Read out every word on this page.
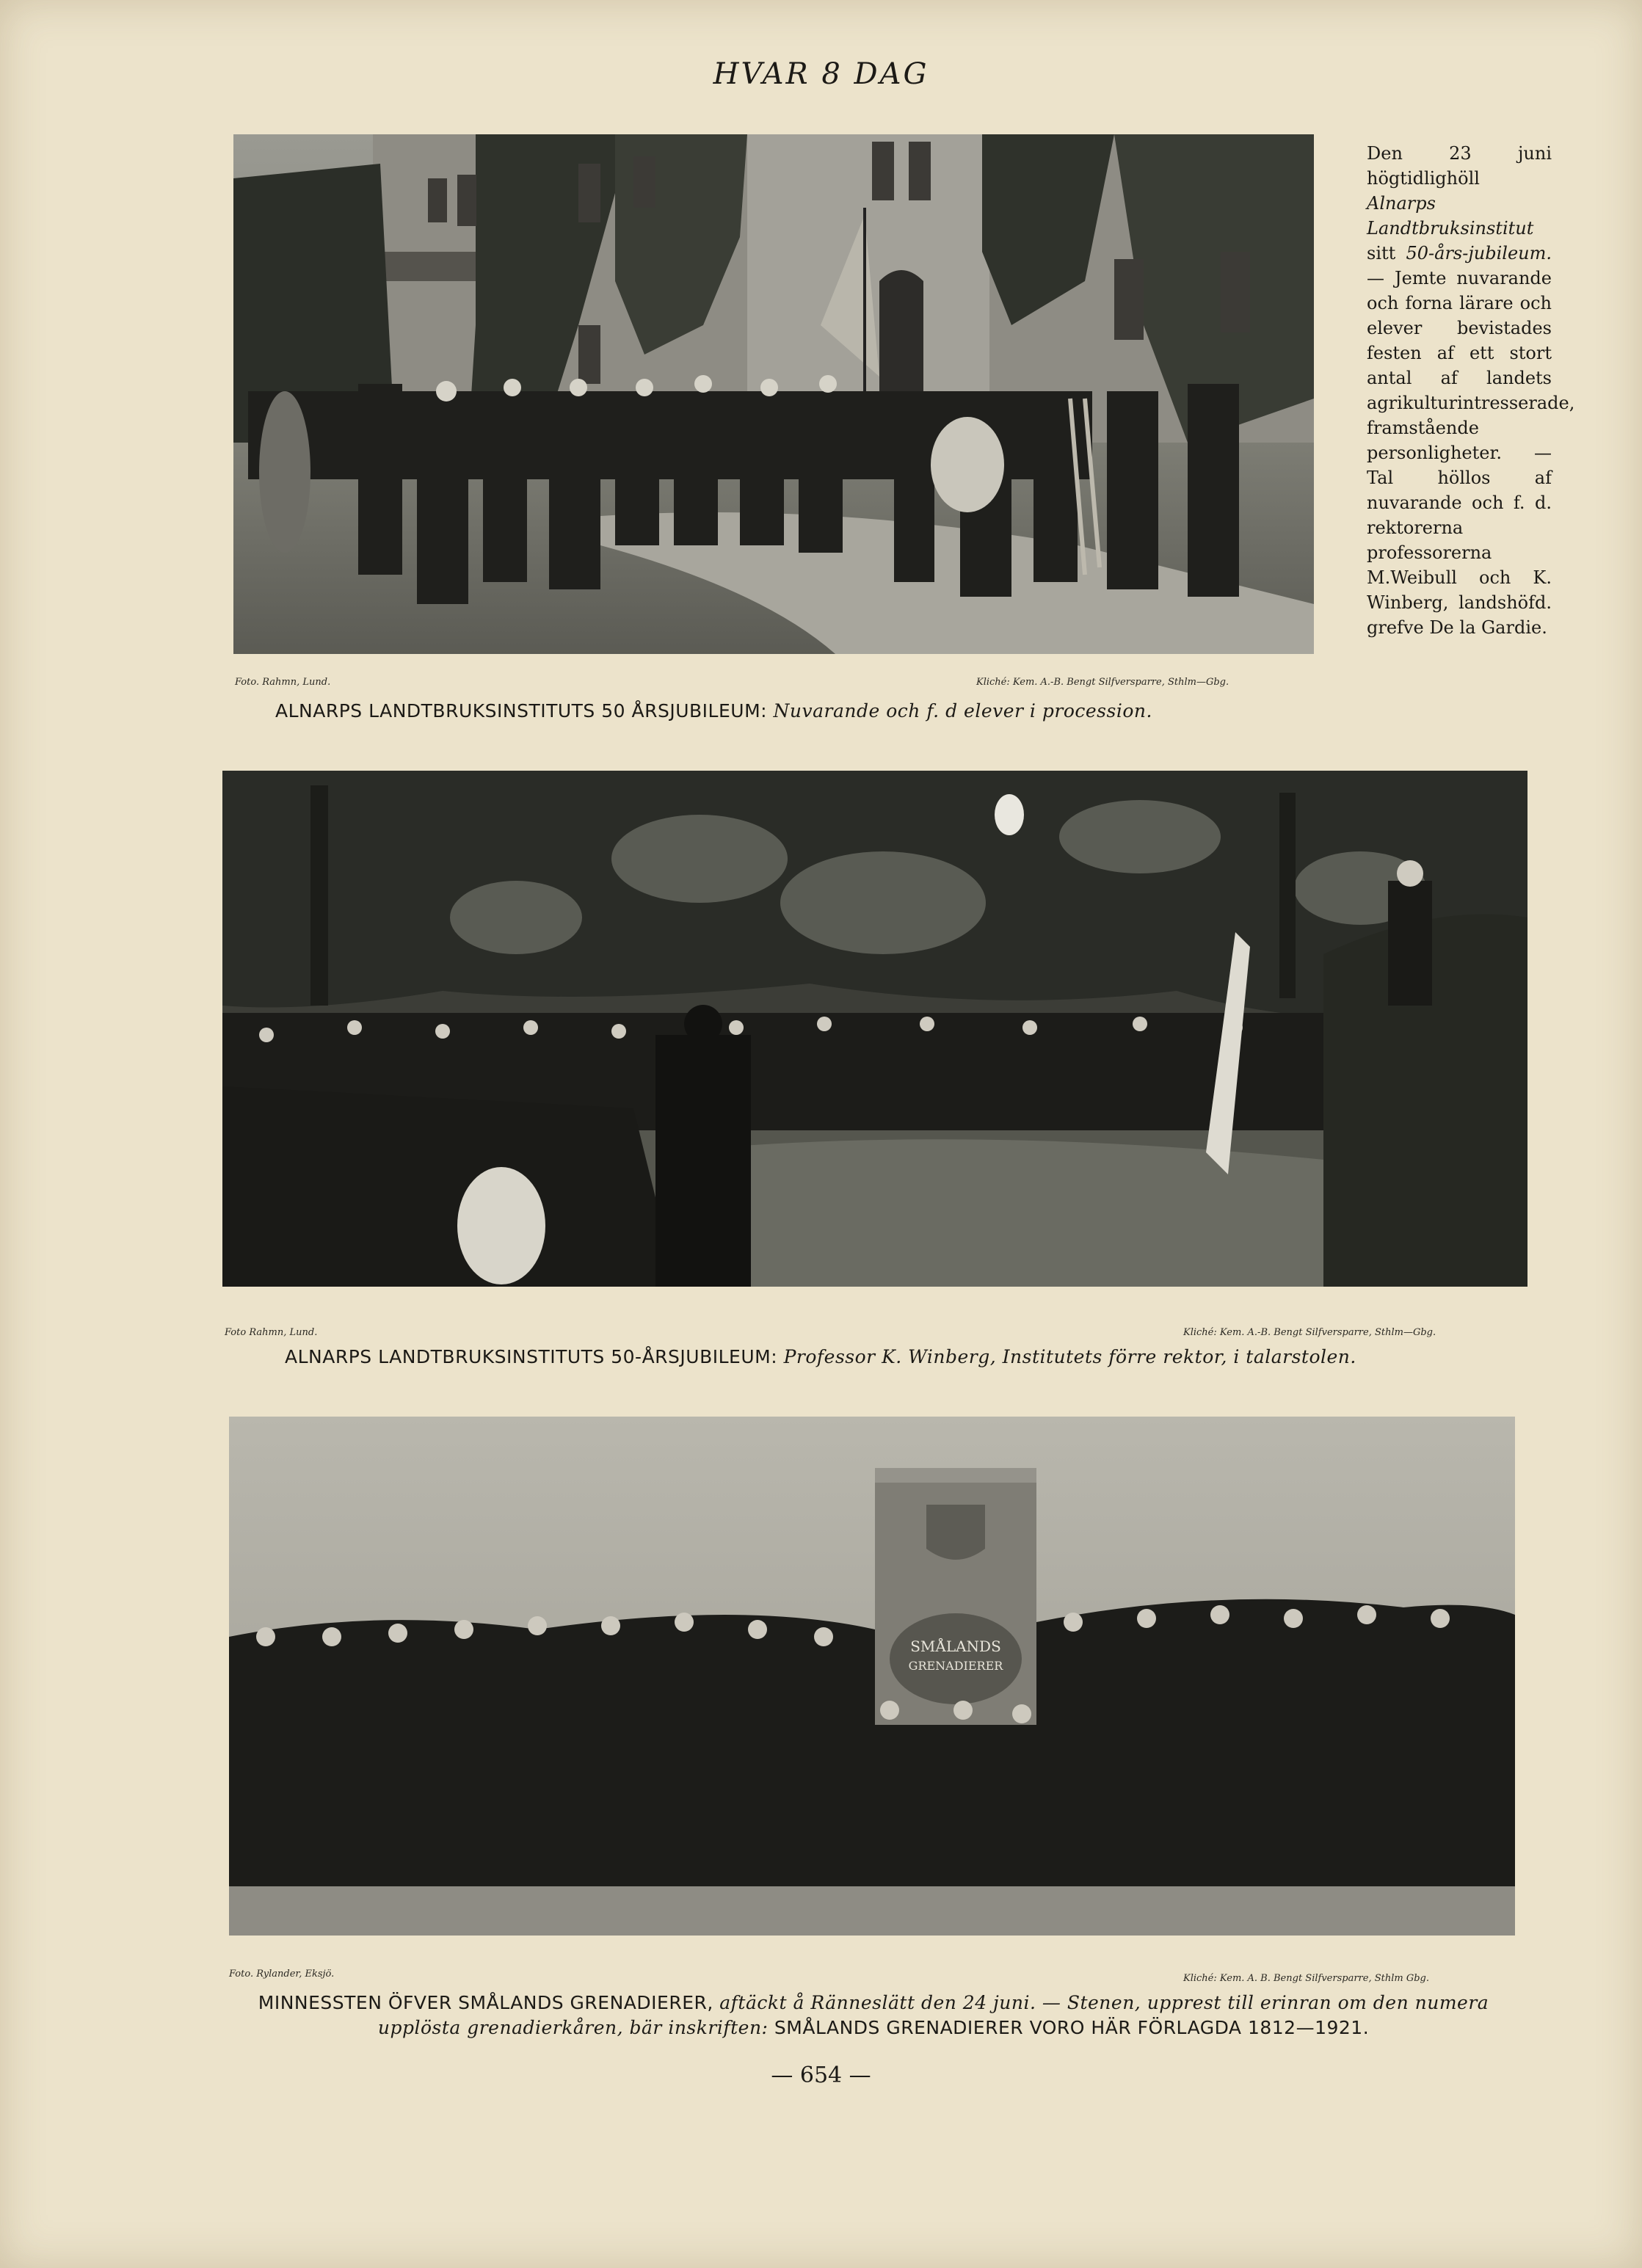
HVAR 8 DAG
Foto. Rahmn, Lund.	Kliché: Kem. A.-B. Bengt Silfversparre, Sthlm—Gbg.
ALNARPS LANDTBRUKSINSTITUTS 50 ÅRSJUBILEUM: Nuvarande och f. d elever i procession.
Den 23 juni högtidlighöll Alnarps Landtbruksinstitut sitt 50-års-jubileum. — Jemte nuvarande och forna lärare och elever bevistades festen af ett stort antal af landets agrikulturintresserade, framstående personligheter. — Tal höllos af nuvarande och f. d. rektorerna professorerna M.Weibull och K. Winberg, landshöfd. grefve De la Gardie.
Foto Rahmn, Lund.	Kliché: Kem. A.-B. Bengt Silfversparre, Sthlm—Gbg.
ALNARPS LANDTBRUKSINSTITUTS 50-ÅRSJUBILEUM: Professor K. Winberg, Institutets förre rektor, i talarstolen.
SMÅLANDS
GRENADIERER
Foto. Rylander, Eksjö.	Kliché: Kem. A. B. Bengt Silfversparre, Sthlm Gbg.
MINNESSTEN ÖFVER SMÅLANDS GRENADIERER, aftäckt å Ränneslätt den 24 juni. — Stenen, upprest till erinran om den numera upplösta grenadierkåren, bär inskriften: SMÅLANDS GRENADIERER VORO HÄR FÖRLAGDA 1812—1921.
— 654 —
